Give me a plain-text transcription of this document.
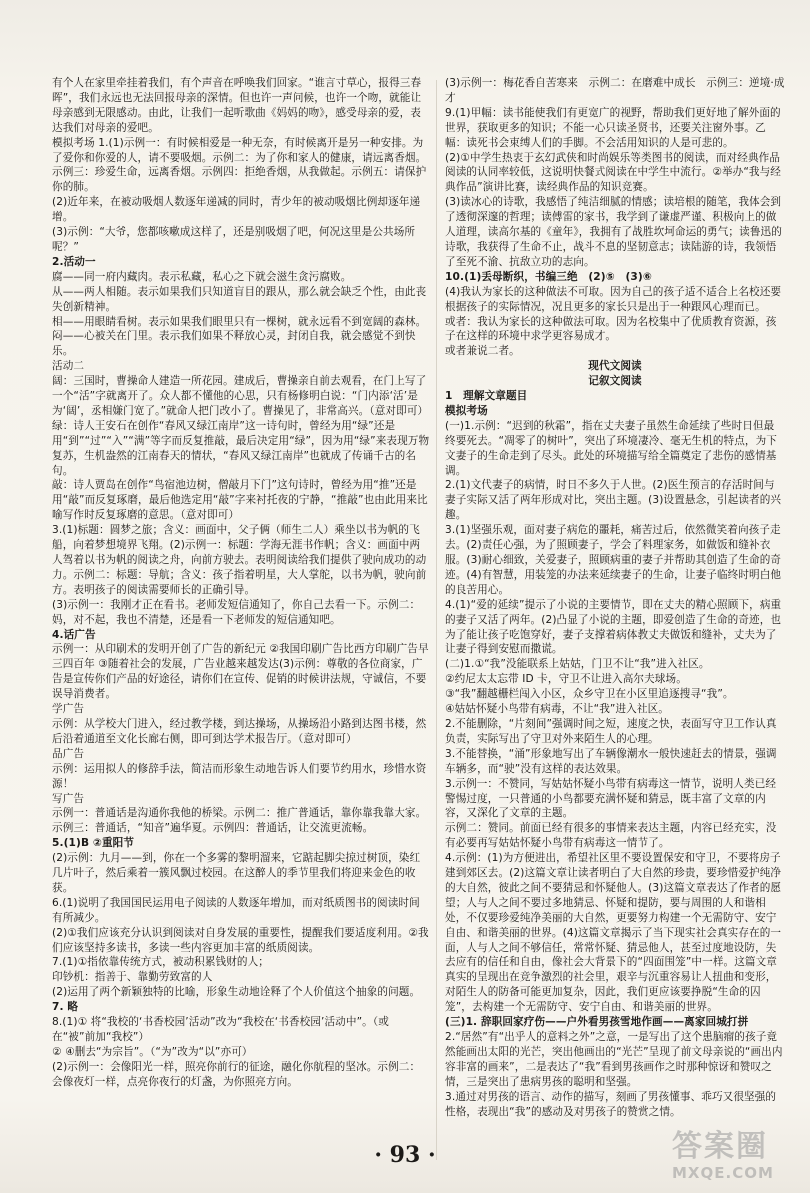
有个人在家里牵挂着我们，有个声音在呼唤我们回家。“谁言寸草心，报得三春晖”，我们永远也无法回报母亲的深情。但也许一声问候，也许一个吻，就能让母亲感到无限感动。由此，让我们一起听歌曲《妈妈的吻》，感受母亲的爱，表达我们对母亲的爱吧。

模拟考场 1.(1)示例一：有时候相爱是一种无奈，有时候离开是另一种安排。为了爱你和你爱的人，请不要吸烟。示例二：为了你和家人的健康，请远离香烟。示例三：珍爱生命，远离香烟。示例四：拒绝香烟，从我做起。示例五：请保护你的肺。

(2)近年来，在被动吸烟人数逐年递减的同时，青少年的被动吸烟比例却逐年递增。

(3)示例：“大爷，您都咳嗽成这样了，还是别吸烟了吧，何况这里是公共场所呢？”

2.活动一

腐——同一府内藏肉。表示私藏，私心之下就会滋生贪污腐败。

从——两人相随。表示如果我们只知道盲目的跟从，那么就会缺乏个性，由此丧失创新精神。

相——用眼睛看树。表示如果我们眼里只有一棵树，就永远看不到宽阔的森林。

闷——心被关在门里。表示我们如果不释放心灵，封闭自我，就会感觉不到快乐。

活动二

阔：三国时，曹操命人建造一所花园。建成后，曹操亲自前去观看，在门上写了一个“活”字就离开了。众人都不懂他的心思，只有杨修明白说：“门内添‘活’是为‘阔’，丞相嫌门宽了。”就命人把门改小了。曹操见了，非常高兴。（意对即可）

绿：诗人王安石在创作“春风又绿江南岸”这一诗句时，曾经为用“绿”还是用“到”“过”“入”“满”等字而反复推敲，最后决定用“绿”，因为用“绿”来表现万物复苏，生机盎然的江南春天的情状，“春风又绿江南岸”也就成了传诵千古的名句。

敲：诗人贾岛在创作“鸟宿池边树，僧敲月下门”这句诗时，曾经为用“推”还是用“敲”而反复琢磨，最后他选定用“敲”字来衬托夜的宁静，“推敲”也由此用来比喻写作时反复琢磨的意思。（意对即可）

3.(1)标题：圆梦之旅；含义：画面中，父子俩（师生二人）乘坐以书为帆的飞船，向着梦想境界飞翔。(2)示例一：标题：学海无涯书作帆；含义：画面中两人驾着以书为帆的阅读之舟，向前方驶去。表明阅读给我们提供了驶向成功的动力。示例二：标题：导航；含义：孩子指着明星，大人掌舵，以书为帆，驶向前方。表明孩子的阅读需要师长的正确引导。

(3)示例一：我刚才正在看书。老师发短信通知了，你自己去看一下。示例二：妈，对不起，我也不清楚，还是看一下老师发的短信通知吧。

4.话广告

示例一：从印刷术的发明开创了广告的新纪元 ②我国印刷广告比西方印刷广告早三四百年 ③随着社会的发展，广告业越来越发达(3)示例：尊敬的各位商家，广告是宣传你们产品的好途径，请你们在宣传、促销的时候讲法规，守诚信，不要误导消费者。

学广告

示例：从学校大门进入，经过教学楼，到达操场，从操场沿小路到达图书楼，然后沿着通道至文化长廊右侧，即可到达学术报告厅。（意对即可）

品广告

示例：运用拟人的修辞手法，简洁而形象生动地告诉人们要节约用水，珍惜水资源！

写广告

示例一：普通话是沟通你我他的桥梁。示例二：推广普通话，靠你靠我靠大家。示例三：普通话，“知音”遍华夏。示例四：普通话，让交流更流畅。

5.(1)B ②重阳节

(2)示例：九月——到，你在一个多雾的黎明溜来，它踮起脚尖掠过树顶，染红几片叶子，然后乘着一簇风飘过校园。在这醉人的季节里我们将迎来金色的收获。

6.(1)说明了我国国民运用电子阅读的人数逐年增加，而对纸质图书的阅读时间有所减少。

(2)①我们应该充分认识到阅读对自身发展的重要性，提醒我们要适度利用。②我们应该坚持多读书，多读一些内容更加丰富的纸质阅读。

7.(1)①指依靠传统方式，被动积累钱财的人；

印钞机：指善于、靠勤劳致富的人

(2)运用了两个新颖独特的比喻，形象生动地诠释了个人价值这个抽象的问题。

7. 略

8.(1)① 将“我校的‘书香校园’活动”改为“我校在‘书香校园’活动中”。（或在“被”前加“我校”）

② ④删去“为宗旨”。（“为”改为“以”亦可）

(2)示例一：会像阳光一样，照亮你前行的征途，融化你航程的坚冰。示例二：会像夜灯一样，点亮你夜行的灯盏，为你照亮方向。

(3)示例一：梅花香自苦寒来　示例二：在磨难中成长　示例三：逆境·成才

9.(1)甲幅：读书能使我们有更宽广的视野，帮助我们更好地了解外面的世界，获取更多的知识；不能一心只读圣贤书，还要关注窗外事。乙幅：读死书会束缚人们的手脚。不会活用知识的人是可悲的。

(2)①中学生热衷于玄幻武侠和时尚娱乐等类图书的阅读，而对经典作品阅读的认同率较低，这说明快餐式阅读在中学生中流行。②举办“我与经典作品”演讲比赛，读经典作品的知识竞赛。

(3)读冰心的诗歌，我感悟了纯洁细腻的情感；读培根的随笔，我体会到了透彻深邃的哲理；读傅雷的家书，我学到了谦虚严谨、积极向上的做人道理，读高尔基的《童年》，我拥有了战胜坎坷命运的勇气；读鲁迅的诗歌，我获得了生命不止，战斗不息的坚韧意志；读陆游的诗，我领悟了至死不渝、抗敌立功的志向。

10.(1)丢母断织，书编三绝　(2)⑤　(3)⑥

(4)我认为家长的这种做法不可取。因为自己的孩子适不适合上名校还要根据孩子的实际情况，况且更多的家长只是出于一种跟风心理而已。

或者：我认为家长的这种做法可取。因为名校集中了优质教育资源，孩子在这样的环境中求学更容易成才。

或者兼说二者。

现代文阅读

记叙文阅读

1　理解文章题目

模拟考场

(一)1.示例：“迟到的秋霜”，指在丈夫妻子虽然生命延续了些时日但最终要死去。“凋零了的树叶”，突出了环境凄冷、毫无生机的特点，为下文妻子的生命走到了尽头。此处的环境描写给全篇奠定了悲伤的感情基调。

2.(1)文代妻子的病情，时日不多久于人世。(2)医生预言的存活时间与妻子实际又活了两年形成对比，突出主题。(3)设置悬念，引起读者的兴趣。

3.(1)坚强乐观，面对妻子病危的噩耗，痛苦过后，依然微笑着向孩子走去。(2)责任心强，为了照顾妻子，学会了料理家务，如做饭和缝补衣服。(3)耐心细致，关爱妻子，照顾病重的妻子并帮助其创造了生命的奇迹。(4)有智慧，用装笼的办法来延续妻子的生命，让妻子临终时明白他的良苦用心。

4.(1)“爱的延续”提示了小说的主要情节，即在丈夫的精心照顾下，病重的妻子又活了两年。(2)凸显了小说的主题，即爱创造了生命的奇迹，也为了能让孩子吃饱穿好，妻子支撑着病体教丈夫做饭和缝补，丈夫为了让妻子得到安慰而撒谎。

(二)1.①“我”没能联系上姑姑，门卫不让“我”进入社区。

②约尼太太忘带 ID 卡，守卫不让进入高尔夫球场。

③“我”翻越栅栏闯入小区，众乡守卫在小区里追逐搜寻“我”。

④姑姑怀疑小鸟带有病毒，不让“我”进入社区。

2.不能删除，“片刻间”强调时间之短，速度之快，表面写守卫工作认真负责，实际写出了守卫对外来陌生人的心理。

3.不能替换，“涌”形象地写出了车辆像潮水一般快速赶去的情景，强调车辆多，而“驶”没有这样的表达效果。

3.示例一：不赞同，写姑姑怀疑小鸟带有病毒这一情节，说明人类已经警惕过度，一只普通的小鸟都要充满怀疑和猜忌，既丰富了文章的内容，又深化了文章的主题。

示例二：赞同。前面已经有很多的事情来表达主题，内容已经充实，没有必要再写姑姑怀疑小鸟带有病毒这一情节了。

4.示例：(1)为方便进出，希望社区里不要设置保安和守卫，不要将房子建到郊区去。(2)这篇文章让读者明白了大自然的珍贵，要珍惜爱护纯净的大自然，彼此之间不要猜忌和怀疑他人。(3)这篇文章表达了作者的愿望；人与人之间不要过多地猜忌、怀疑和提防，要与周围的人和谐相处，不仅要珍爱纯净美丽的大自然，更要努力构建一个无需防守、安宁自由、和谐美丽的世界。(4)这篇文章揭示了当下现实社会真实存在的一面，人与人之间不够信任，常常怀疑、猜忌他人，甚至过度地设防，失去应有的信任和自由，像社会大背景下的“四面围笼”中一样。这篇文章真实的呈现出在竞争激烈的社会里，艰辛与沉重容易让人扭曲和变形，对陌生人的防备可能更加复杂，因此，我们更应该要挣脱“生命的囚笼”，去构建一个无需防守、安宁自由、和谐美丽的世界。

(三)1. 辞职回家疗伤——户外看男孩雪地作画——离家回城打拼

2.“居然”有“出乎人的意料之外”之意，一是写出了这个患脑瘤的孩子竟然能画出太阳的光芒，突出他画出的“光芒”呈现了前文母亲说的“画出内容非富的画来”，二是表达了“我”看到男孩画作之时那种惊讶和赞叹之情，三是突出了患病男孩的聪明和坚强。

3.通过对男孩的语言、动作的描写，刻画了男孩懂事、乖巧又很坚强的性格，表现出“我”的感动及对男孩子的赞赏之情。

· 93 ·	答案圈
MXQE.COM
